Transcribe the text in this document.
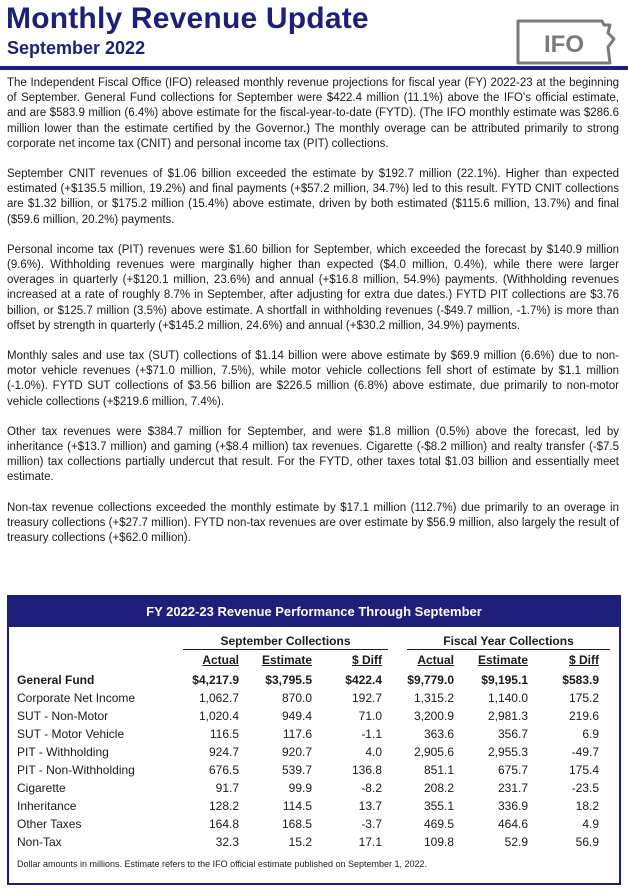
Monthly Revenue Update
September 2022	IFO

The Independent Fiscal Office (IFO) released monthly revenue projections for fiscal year (FY) 2022-23 at the beginning of September. General Fund collections for September were $422.4 million (11.1%) above the IFO's official estimate, and are $583.9 million (6.4%) above estimate for the fiscal-year-to-date (FYTD). (The IFO monthly estimate was $286.6 million lower than the estimate certified by the Governor.) The monthly overage can be attributed primarily to strong corporate net income tax (CNIT) and personal income tax (PIT) collections.

September CNIT revenues of $1.06 billion exceeded the estimate by $192.7 million (22.1%). Higher than expected estimated (+$135.5 million, 19.2%) and final payments (+$57.2 million, 34.7%) led to this result. FYTD CNIT collections are $1.32 billion, or $175.2 million (15.4%) above estimate, driven by both estimated ($115.6 million, 13.7%) and final ($59.6 million, 20.2%) payments.

Personal income tax (PIT) revenues were $1.60 billion for September, which exceeded the forecast by $140.9 million (9.6%). Withholding revenues were marginally higher than expected ($4.0 million, 0.4%), while there were larger overages in quarterly (+$120.1 million, 23.6%) and annual (+$16.8 million, 54.9%) payments. (Withholding revenues increased at a rate of roughly 8.7% in September, after adjusting for extra due dates.) FYTD PIT collections are $3.76 billion, or $125.7 million (3.5%) above estimate. A shortfall in withholding revenues (-$49.7 million, -1.7%) is more than offset by strength in quarterly (+$145.2 million, 24.6%) and annual (+$30.2 million, 34.9%) payments.

Monthly sales and use tax (SUT) collections of $1.14 billion were above estimate by $69.9 million (6.6%) due to non-motor vehicle revenues (+$71.0 million, 7.5%), while motor vehicle collections fell short of estimate by $1.1 million (-1.0%). FYTD SUT collections of $3.56 billion are $226.5 million (6.8%) above estimate, due primarily to non-motor vehicle collections (+$219.6 million, 7.4%).

Other tax revenues were $384.7 million for September, and were $1.8 million (0.5%) above the forecast, led by inheritance (+$13.7 million) and gaming (+$8.4 million) tax revenues. Cigarette (-$8.2 million) and realty transfer (-$7.5 million) tax collections partially undercut that result. For the FYTD, other taxes total $1.03 billion and essentially meet estimate.

Non-tax revenue collections exceeded the monthly estimate by $17.1 million (112.7%) due primarily to an overage in treasury collections (+$27.7 million). FYTD non-tax revenues are over estimate by $56.9 million, also largely the result of treasury collections (+$62.0 million).

FY 2022-23 Revenue Performance Through September
September Collections	Fiscal Year Collections
Actual Estimate	$ Diff	Actual Estimate	$ Diff
General Fund	$4,217.9 $3,795.5	$422.4 $9,779.0 $9,195.1	$583.9
Corporate Net Income	1,062.7	870.0	192.7	1,315.2	1,140.0	175.2
SUT - Non-Motor	1,020.4	949.4	71.0	3,200.9	2,981.3	219.6
SUT - Motor Vehicle	116.5	117.6	-1.1	363.6	356.7	6.9
PIT - Withholding	924.7	920.7	4.0	2,905.6	2,955.3	-49.7
PIT - Non-Withholding	676.5	539.7	136.8	851.1	675.7	175.4
Cigarette	91.7	99.9	-8.2	208.2	231.7	-23.5
Inheritance	128.2	114.5	13.7	355.1	336.9	18.2
Other Taxes	164.8	168.5	-3.7	469.5	464.6	4.9
Non-Tax	32.3	15.2	17.1	109.8	52.9	56.9
Dollar amounts in millions. Estimate refers to the IFO official estimate published on September 1, 2022.
